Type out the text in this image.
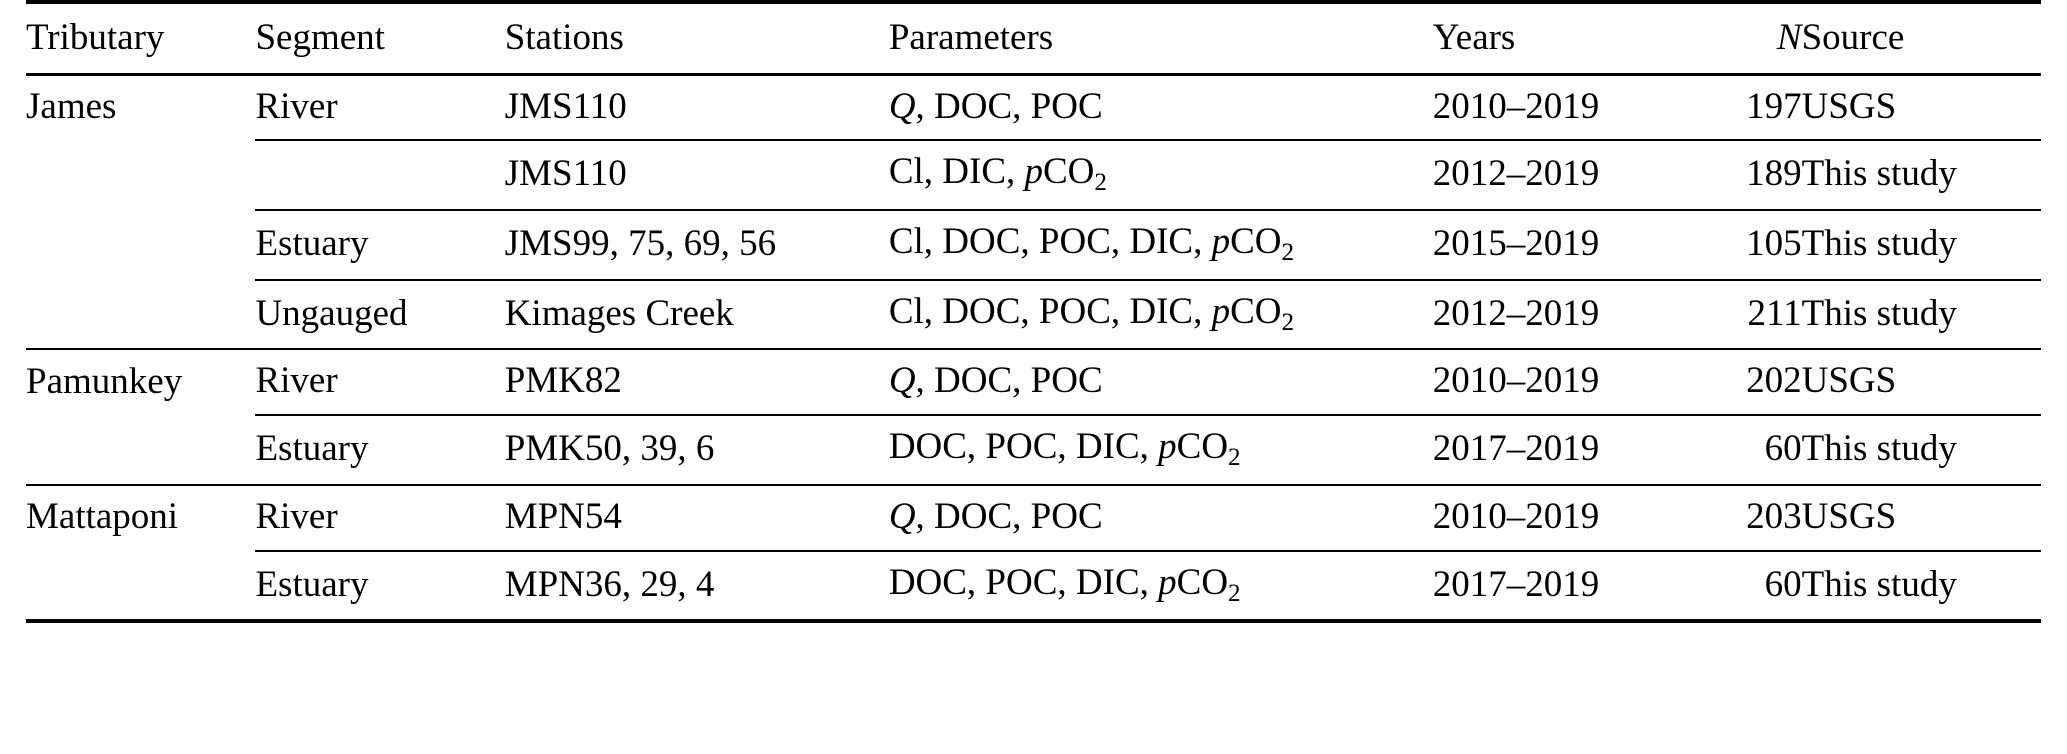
Tributary	Segment	Stations	Parameters	Years	N	Source
James	River	JMS110	Q, DOC, POC	2010–2019	197	USGS
		JMS110	Cl, DIC, pCO$_2$	2012–2019	189	This study
	Estuary	JMS99, 75, 69, 56	Cl, DOC, POC, DIC, pCO$_2$	2015–2019	105	This study
	Ungauged	Kimages Creek	Cl, DOC, POC, DIC, pCO$_2$	2012–2019	211	This study
Pamunkey	River	PMK82	Q, DOC, POC	2010–2019	202	USGS
	Estuary	PMK50, 39, 6	DOC, POC, DIC, pCO$_2$	2017–2019	60	This study
Mattaponi	River	MPN54	Q, DOC, POC	2010–2019	203	USGS
	Estuary	MPN36, 29, 4	DOC, POC, DIC, pCO$_2$	2017–2019	60	This study
